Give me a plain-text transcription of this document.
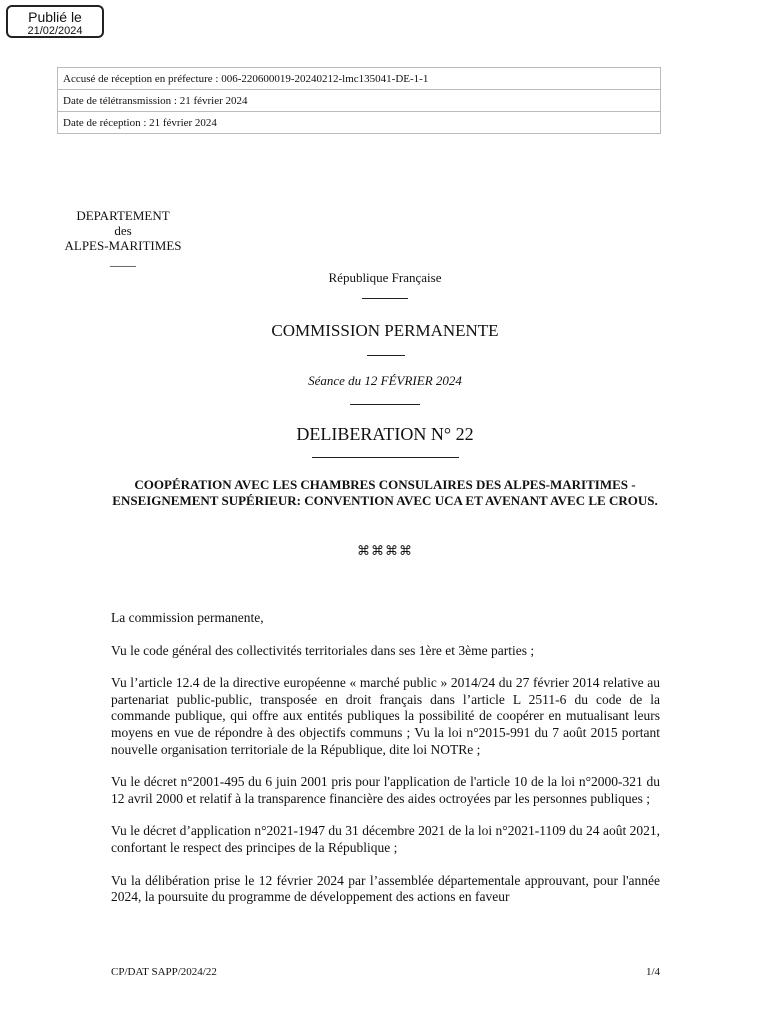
Publié le
21/02/2024
Accusé de réception en préfecture : 006-220600019-20240212-lmc135041-DE-1-1
Date de télétransmission : 21 février 2024
Date de réception : 21 février 2024
DEPARTEMENT
des
ALPES-MARITIMES
____
République Française
COMMISSION PERMANENTE
Séance du 12 FÉVRIER 2024
DELIBERATION N° 22
COOPÉRATION AVEC LES CHAMBRES CONSULAIRES DES ALPES-MARITIMES - ENSEIGNEMENT SUPÉRIEUR: CONVENTION AVEC UCA ET AVENANT AVEC LE CROUS.
⌘⌘⌘⌘

La commission permanente,

Vu le code général des collectivités territoriales dans ses 1ère et 3ème parties ;

Vu l’article 12.4 de la directive européenne « marché public » 2014/24 du 27 février 2014 relative au partenariat public-public, transposée en droit français dans l’article L 2511-6 du code de la commande publique, qui offre aux entités publiques la possibilité de coopérer en mutualisant leurs moyens en vue de répondre à des objectifs communs ; Vu la loi n°2015-991 du 7 août 2015 portant nouvelle organisation territoriale de la République, dite loi NOTRe ;

Vu le décret n°2001-495 du 6 juin 2001 pris pour l'application de l'article 10 de la loi n°2000-321 du 12 avril 2000 et relatif à la transparence financière des aides octroyées par les personnes publiques ;

Vu le décret d’application n°2021-1947 du 31 décembre 2021 de la loi n°2021-1109 du 24 août 2021, confortant le respect des principes de la République ;

Vu la délibération prise le 12 février 2024 par l’assemblée départementale approuvant, pour l'année 2024, la poursuite du programme de développement des actions en faveur

CP/DAT SAPP/2024/22	1/4
